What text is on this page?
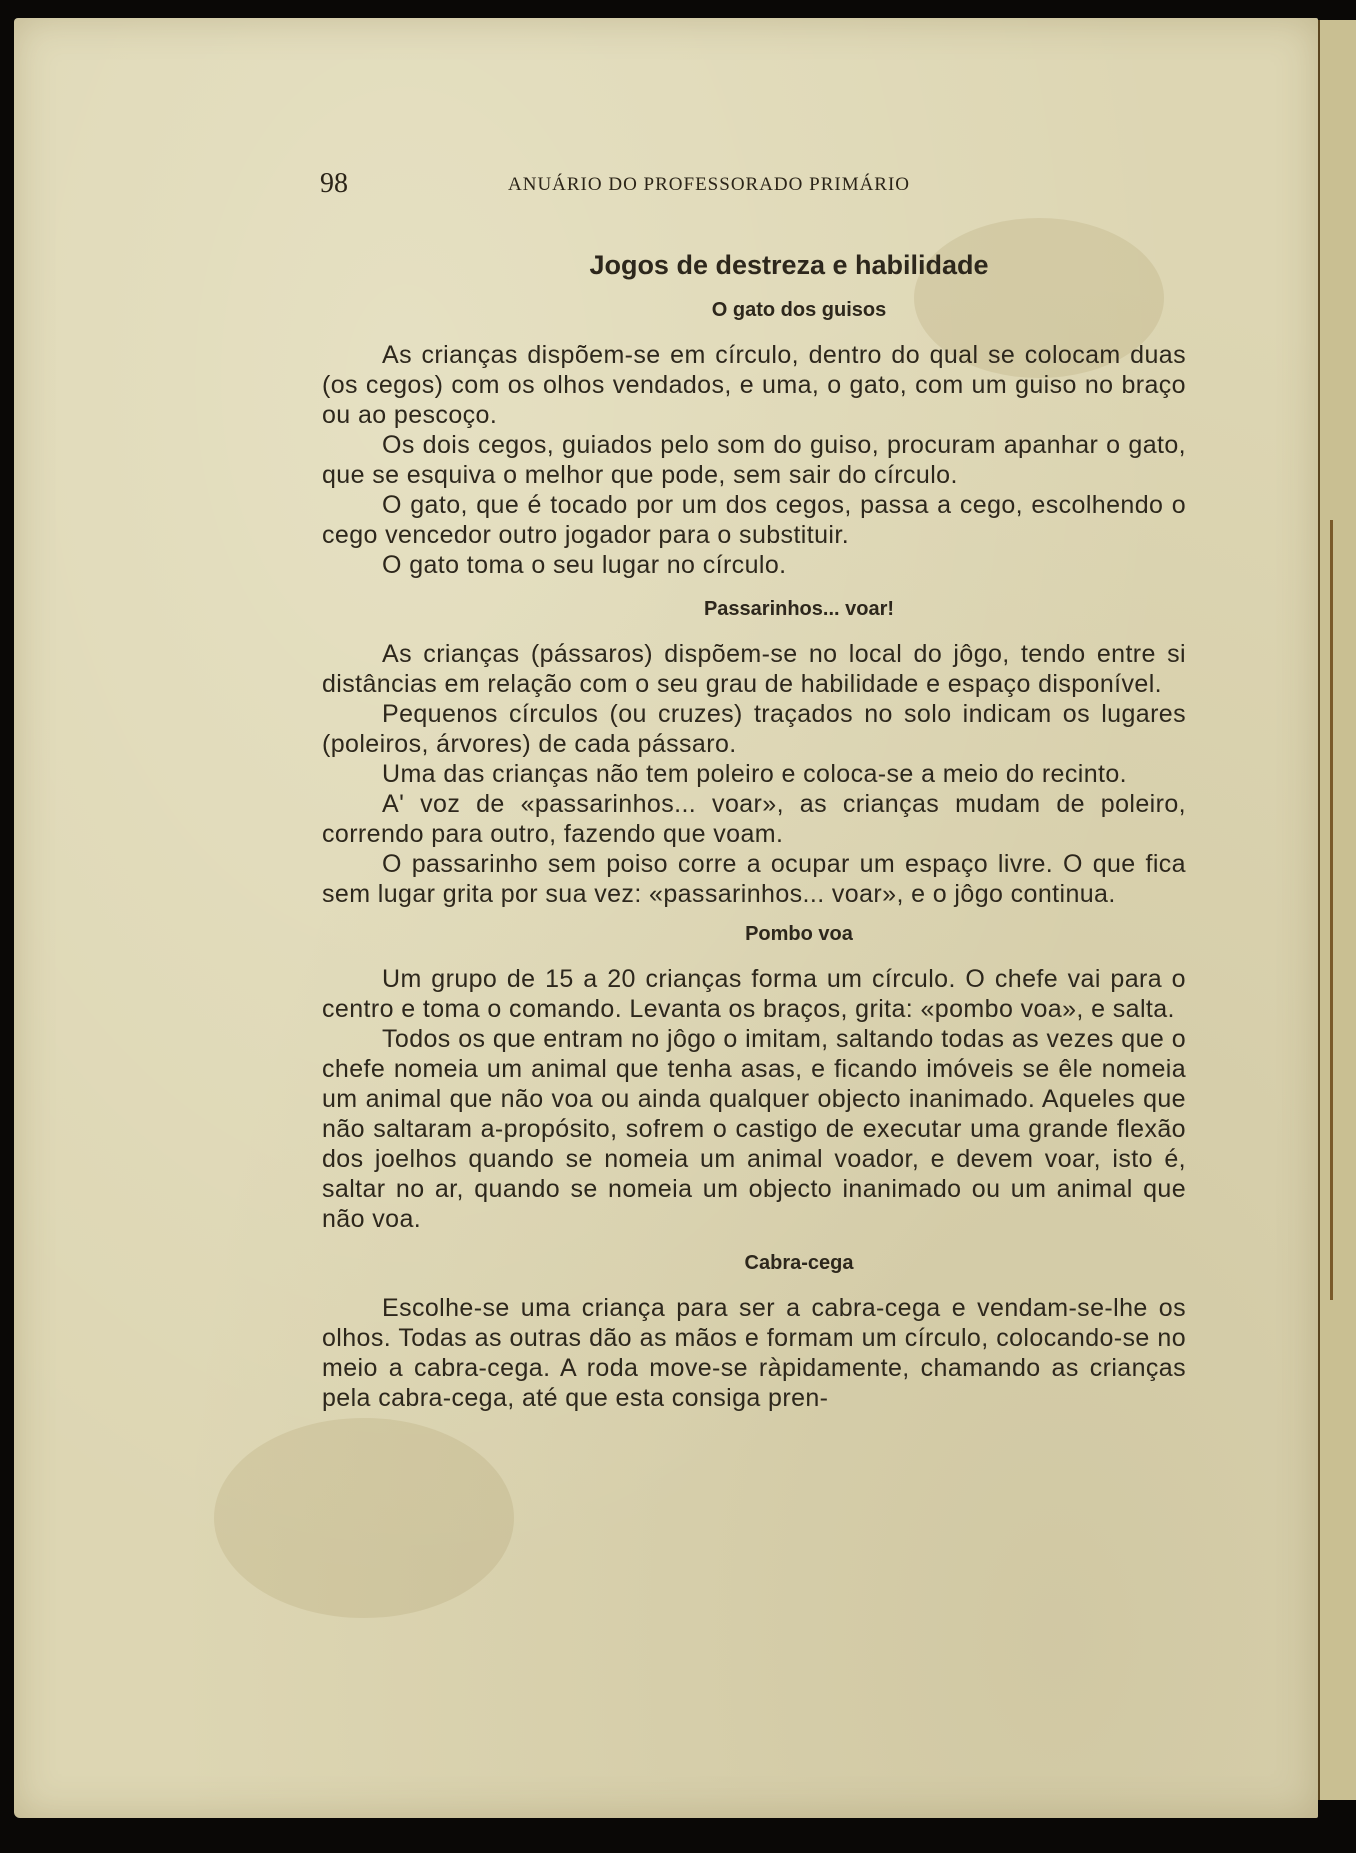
98	ANUÁRIO DO PROFESSORADO PRIMÁRIO
Jogos de destreza e habilidade
O gato dos guisos

As crianças dispõem-se em círculo, dentro do qual se colocam duas (os cegos) com os olhos vendados, e uma, o gato, com um guiso no braço ou ao pescoço.

Os dois cegos, guiados pelo som do guiso, procuram apanhar o gato, que se esquiva o melhor que pode, sem sair do círculo.

O gato, que é tocado por um dos cegos, passa a cego, escolhendo o cego vencedor outro jogador para o substituir.

O gato toma o seu lugar no círculo.

Passarinhos... voar!

As crianças (pássaros) dispõem-se no local do jôgo, tendo entre si distâncias em relação com o seu grau de habilidade e espaço disponível.

Pequenos círculos (ou cruzes) traçados no solo indicam os lugares (poleiros, árvores) de cada pássaro.

Uma das crianças não tem poleiro e coloca-se a meio do recinto.

A' voz de «passarinhos... voar», as crianças mudam de poleiro, correndo para outro, fazendo que voam.

O passarinho sem poiso corre a ocupar um espaço livre. O que fica sem lugar grita por sua vez: «passarinhos... voar», e o jôgo continua.

Pombo voa

Um grupo de 15 a 20 crianças forma um círculo. O chefe vai para o centro e toma o comando. Levanta os braços, grita: «pombo voa», e salta.

Todos os que entram no jôgo o imitam, saltando todas as vezes que o chefe nomeia um animal que tenha asas, e ficando imóveis se êle nomeia um animal que não voa ou ainda qualquer objecto inanimado. Aqueles que não saltaram a-propósito, sofrem o castigo de executar uma grande flexão dos joelhos quando se nomeia um animal voador, e devem voar, isto é, saltar no ar, quando se nomeia um objecto inanimado ou um animal que não voa.

Cabra-cega

Escolhe-se uma criança para ser a cabra-cega e vendam-se-lhe os olhos. Todas as outras dão as mãos e formam um círculo, colocando-se no meio a cabra-cega. A roda move-se ràpidamente, chamando as crianças pela cabra-cega, até que esta consiga pren-
